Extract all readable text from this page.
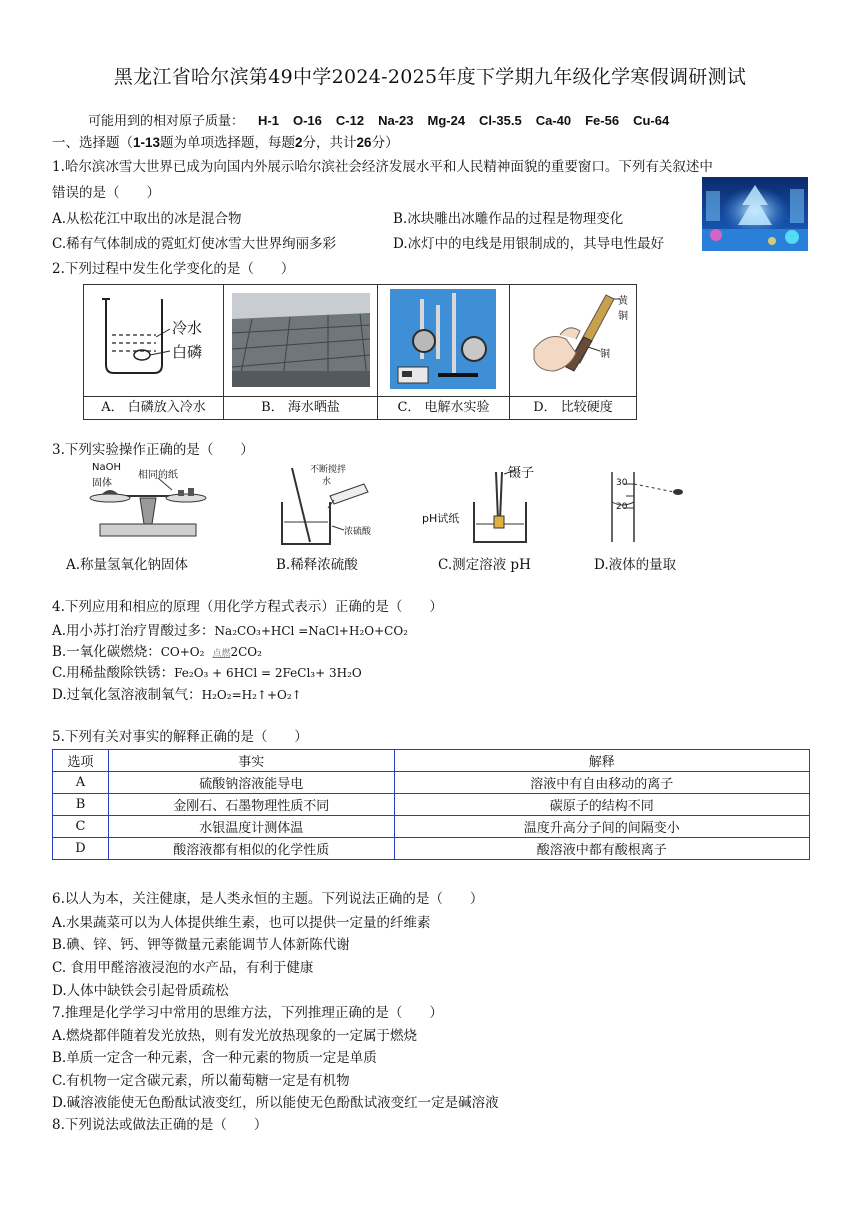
黑龙江省哈尔滨第49中学2024-2025年度下学期九年级化学寒假调研测试
可能用到的相对原子质量： H-1 O-16 C-12 Na-23 Mg-24 Cl-35.5 Ca-40 Fe-56 Cu-64
一、选择题（1-13题为单项选择题，每题2分，共计26分）
1.哈尔滨冰雪大世界已成为向国内外展示哈尔滨社会经济发展水平和人民精神面貌的重要窗口。下列有关叙述中
错误的是（　　）
A.从松花江中取出的冰是混合物	B.冰块雕出冰雕作品的过程是物理变化
C.稀有气体制成的霓虹灯使冰雪大世界绚丽多彩	D.冰灯中的电线是用银制成的，其导电性最好
2.下列过程中发生化学变化的是（　　）
冷水
白磷
A． 白磷放入冷水	B． 海水晒盐	C． 电解水实验
黄铜
铜
D． 比较硬度
3.下列实验操作正确的是（　　）
NaOH
固体
相同的纸
A.称量氢氧化钠固体
不断搅拌
水
浓硫酸
B.稀释浓硫酸
镊子
pH试纸
C.测定溶液 pH
30
20
D.液体的量取
4.下列应用和相应的原理（用化学方程式表示）正确的是（　　）
A.用小苏打治疗胃酸过多：Na₂CO₃+HCl =NaCl+H₂O+CO₂
B.一氧化碳燃烧：CO+O₂ 点燃2CO₂
C.用稀盐酸除铁锈：Fe₂O₃ + 6HCl = 2FeCl₃+ 3H₂O
D.过氧化氢溶液制氧气：H₂O₂=H₂↑+O₂↑
5.下列有关对事实的解释正确的是（　　）
选项	事实	解释
A	硫酸钠溶液能导电	溶液中有自由移动的离子
B	金刚石、石墨物理性质不同	碳原子的结构不同
C	水银温度计测体温	温度升高分子间的间隔变小
D	酸溶液都有相似的化学性质	酸溶液中都有酸根离子
6.以人为本，关注健康，是人类永恒的主题。下列说法正确的是（　　）
A.水果蔬菜可以为人体提供维生素，也可以提供一定量的纤维素
B.碘、锌、钙、钾等微量元素能调节人体新陈代谢
C. 食用甲醛溶液浸泡的水产品，有利于健康
D.人体中缺铁会引起骨质疏松
7.推理是化学学习中常用的思维方法，下列推理正确的是（　　）
A.燃烧都伴随着发光放热，则有发光放热现象的一定属于燃烧
B.单质一定含一种元素，含一种元素的物质一定是单质
C.有机物一定含碳元素，所以葡萄糖一定是有机物
D.碱溶液能使无色酚酞试液变红，所以能使无色酚酞试液变红一定是碱溶液
8.下列说法或做法正确的是（　　）
